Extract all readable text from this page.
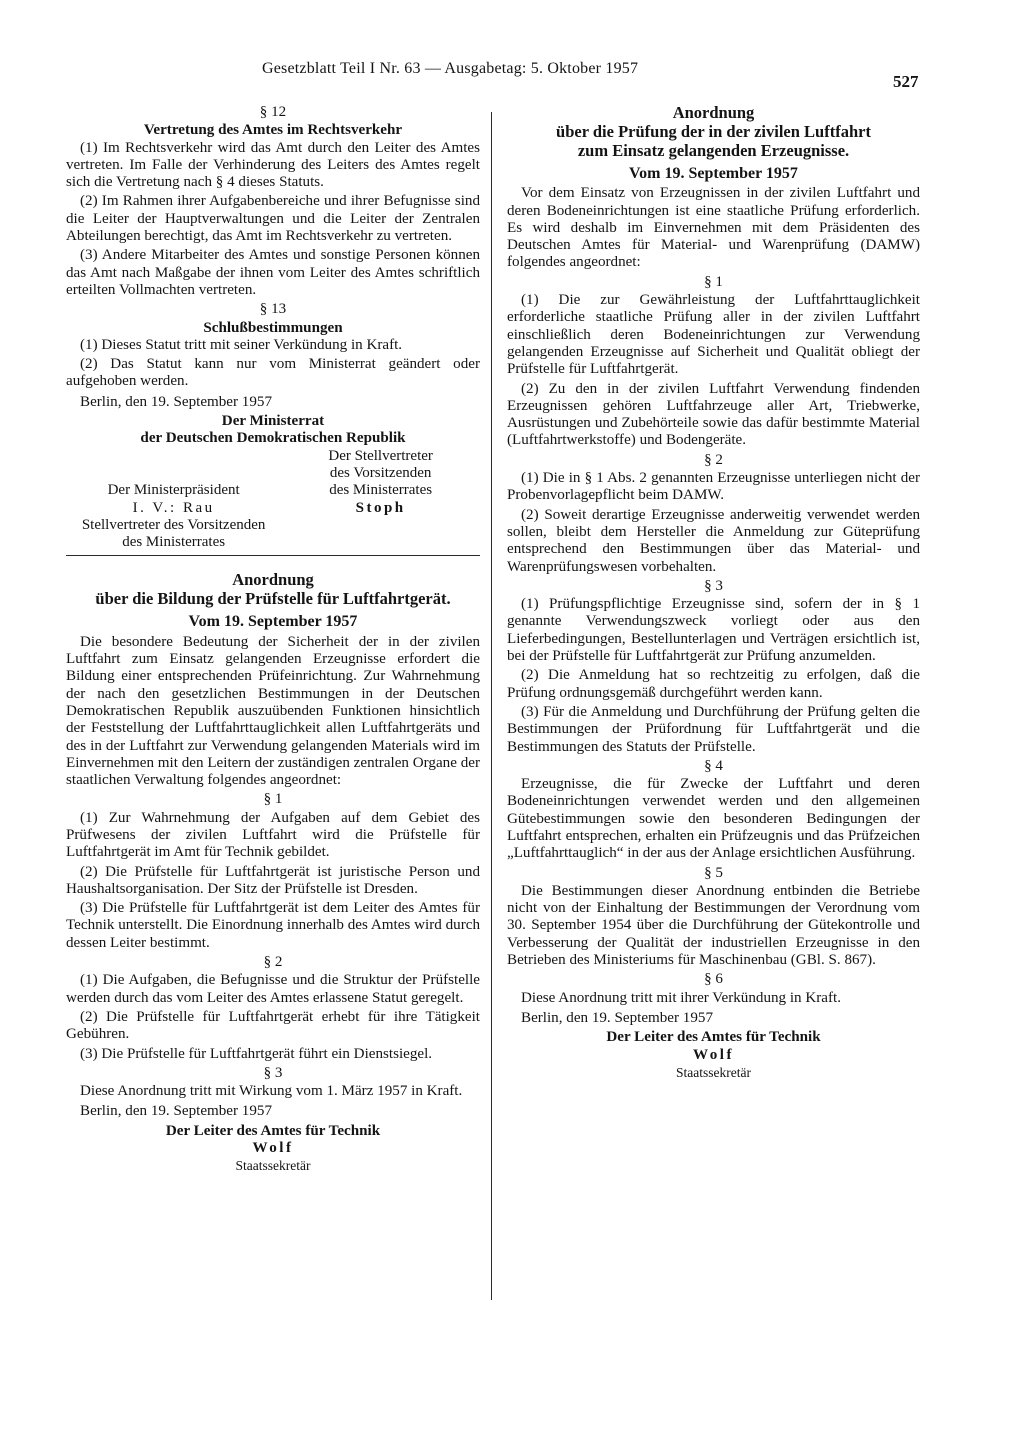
Gesetzblatt Teil I Nr. 63 — Ausgabetag: 5. Oktober 1957
527

§ 12

Vertretung des Amtes im Rechtsverkehr

(1) Im Rechtsverkehr wird das Amt durch den Leiter des Amtes vertreten. Im Falle der Verhinderung des Leiters des Amtes regelt sich die Vertretung nach § 4 dieses Statuts.

(2) Im Rahmen ihrer Aufgabenbereiche und ihrer Befugnisse sind die Leiter der Hauptverwaltungen und die Leiter der Zentralen Abteilungen berechtigt, das Amt im Rechtsverkehr zu vertreten.

(3) Andere Mitarbeiter des Amtes und sonstige Personen können das Amt nach Maßgabe der ihnen vom Leiter des Amtes schriftlich erteilten Vollmachten vertreten.

§ 13

Schlußbestimmungen

(1) Dieses Statut tritt mit seiner Verkündung in Kraft.

(2) Das Statut kann nur vom Ministerrat geändert oder aufgehoben werden.

Berlin, den 19. September 1957

Der Ministerrat

der Deutschen Demokratischen Republik

	Der Stellvertreter
	des Vorsitzenden
Der Ministerpräsident	des Ministerrates
I. V.: Rau	Stoph
Stellvertreter des Vorsitzenden	
des Ministerrates	

Anordnung

über die Bildung der Prüfstelle für Luftfahrtgerät.

Vom 19. September 1957

Die besondere Bedeutung der Sicherheit der in der zivilen Luftfahrt zum Einsatz gelangenden Erzeugnisse erfordert die Bildung einer entsprechenden Prüfeinrichtung. Zur Wahrnehmung der nach den gesetzlichen Bestimmungen in der Deutschen Demokratischen Republik auszuübenden Funktionen hinsichtlich der Feststellung der Luftfahrttauglichkeit allen Luftfahrtgeräts und des in der Luftfahrt zur Verwendung gelangenden Materials wird im Einvernehmen mit den Leitern der zuständigen zentralen Organe der staatlichen Verwaltung folgendes angeordnet:

§ 1

(1) Zur Wahrnehmung der Aufgaben auf dem Gebiet des Prüfwesens der zivilen Luftfahrt wird die Prüfstelle für Luftfahrtgerät im Amt für Technik gebildet.

(2) Die Prüfstelle für Luftfahrtgerät ist juristische Person und Haushaltsorganisation. Der Sitz der Prüfstelle ist Dresden.

(3) Die Prüfstelle für Luftfahrtgerät ist dem Leiter des Amtes für Technik unterstellt. Die Einordnung innerhalb des Amtes wird durch dessen Leiter bestimmt.

§ 2

(1) Die Aufgaben, die Befugnisse und die Struktur der Prüfstelle werden durch das vom Leiter des Amtes erlassene Statut geregelt.

(2) Die Prüfstelle für Luftfahrtgerät erhebt für ihre Tätigkeit Gebühren.

(3) Die Prüfstelle für Luftfahrtgerät führt ein Dienstsiegel.

§ 3

Diese Anordnung tritt mit Wirkung vom 1. März 1957 in Kraft.

Berlin, den 19. September 1957

Der Leiter des Amtes für Technik

Wolf

Staatssekretär

Anordnung

über die Prüfung der in der zivilen Luftfahrt

zum Einsatz gelangenden Erzeugnisse.

Vom 19. September 1957

Vor dem Einsatz von Erzeugnissen in der zivilen Luftfahrt und deren Bodeneinrichtungen ist eine staatliche Prüfung erforderlich. Es wird deshalb im Einvernehmen mit dem Präsidenten des Deutschen Amtes für Material- und Warenprüfung (DAMW) folgendes angeordnet:

§ 1

(1) Die zur Gewährleistung der Luftfahrttauglichkeit erforderliche staatliche Prüfung aller in der zivilen Luftfahrt einschließlich deren Bodeneinrichtungen zur Verwendung gelangenden Erzeugnisse auf Sicherheit und Qualität obliegt der Prüfstelle für Luftfahrtgerät.

(2) Zu den in der zivilen Luftfahrt Verwendung findenden Erzeugnissen gehören Luftfahrzeuge aller Art, Triebwerke, Ausrüstungen und Zubehörteile sowie das dafür bestimmte Material (Luftfahrtwerkstoffe) und Bodengeräte.

§ 2

(1) Die in § 1 Abs. 2 genannten Erzeugnisse unterliegen nicht der Probenvorlagepflicht beim DAMW.

(2) Soweit derartige Erzeugnisse anderweitig verwendet werden sollen, bleibt dem Hersteller die Anmeldung zur Güteprüfung entsprechend den Bestimmungen über das Material- und Warenprüfungswesen vorbehalten.

§ 3

(1) Prüfungspflichtige Erzeugnisse sind, sofern der in § 1 genannte Verwendungszweck vorliegt oder aus den Lieferbedingungen, Bestellunterlagen und Verträgen ersichtlich ist, bei der Prüfstelle für Luftfahrtgerät zur Prüfung anzumelden.

(2) Die Anmeldung hat so rechtzeitig zu erfolgen, daß die Prüfung ordnungsgemäß durchgeführt werden kann.

(3) Für die Anmeldung und Durchführung der Prüfung gelten die Bestimmungen der Prüfordnung für Luftfahrtgerät und die Bestimmungen des Statuts der Prüfstelle.

§ 4

Erzeugnisse, die für Zwecke der Luftfahrt und deren Bodeneinrichtungen verwendet werden und den allgemeinen Gütebestimmungen sowie den besonderen Bedingungen der Luftfahrt entsprechen, erhalten ein Prüfzeugnis und das Prüfzeichen „Luftfahrttauglich“ in der aus der Anlage ersichtlichen Ausführung.

§ 5

Die Bestimmungen dieser Anordnung entbinden die Betriebe nicht von der Einhaltung der Bestimmungen der Verordnung vom 30. September 1954 über die Durchführung der Gütekontrolle und Verbesserung der Qualität der industriellen Erzeugnisse in den Betrieben des Ministeriums für Maschinenbau (GBl. S. 867).

§ 6

Diese Anordnung tritt mit ihrer Verkündung in Kraft.

Berlin, den 19. September 1957

Der Leiter des Amtes für Technik

Wolf

Staatssekretär
